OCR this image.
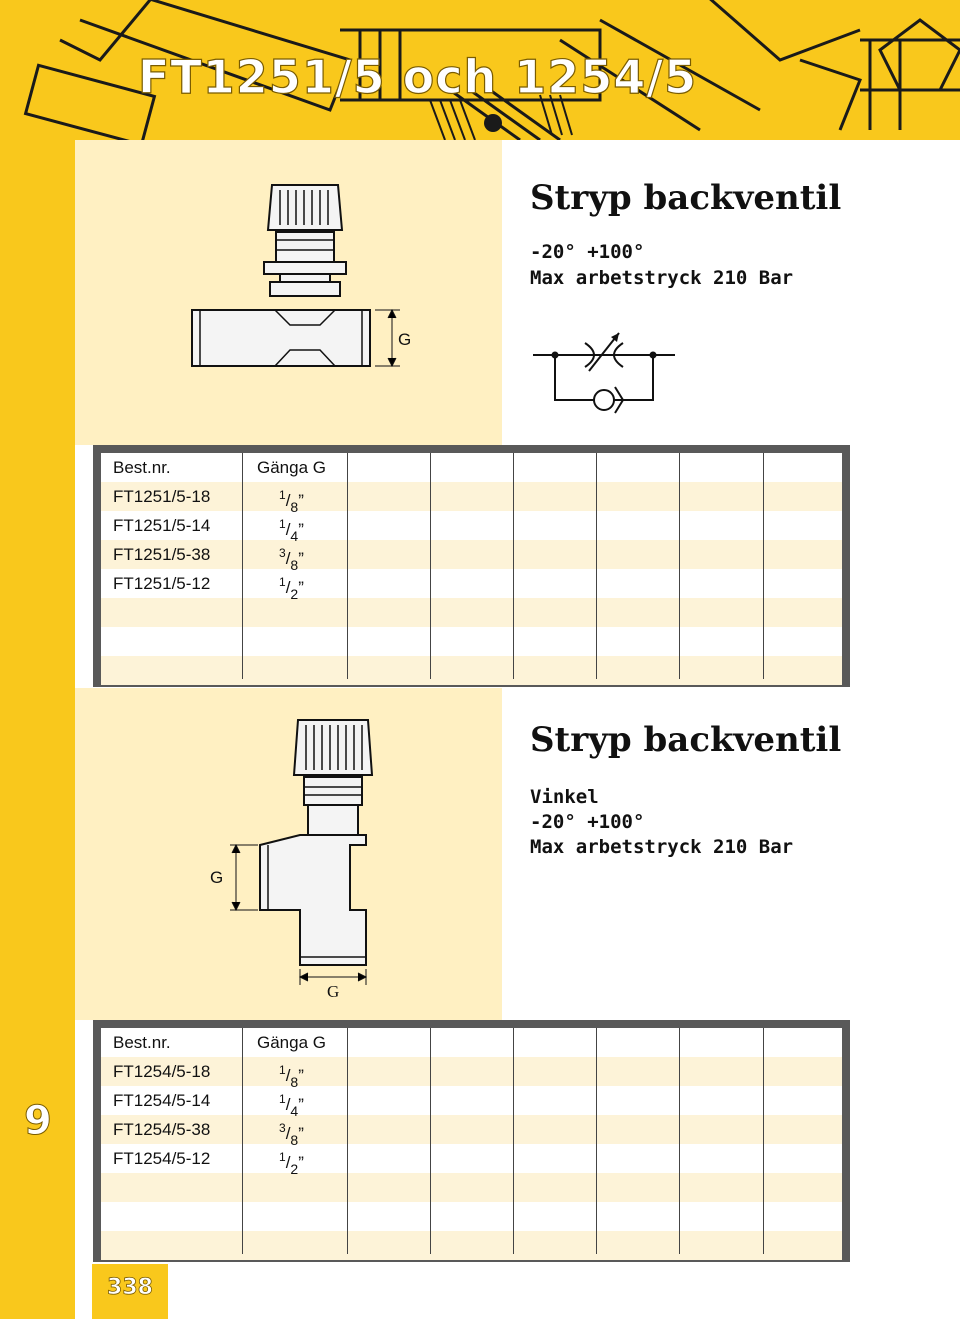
FT1251/5 och 1254/5
G
Stryp backventil
-20° +100°
Max arbetstryck 210 Bar
Best.nr.	Gänga G
FT1251/5-18	$^1/_8$”
FT1251/5-14	$^1/_4$”
FT1251/5-38	$^3/_8$”
FT1251/5-12	$^1/_2$”
G
G
Stryp backventil
Vinkel
-20° +100°
Max arbetstryck 210 Bar
Best.nr.	Gänga G
FT1254/5-18	$^1/_8$”
FT1254/5-14	$^1/_4$”
FT1254/5-38	$^3/_8$”
FT1254/5-12	$^1/_2$”
9
338
